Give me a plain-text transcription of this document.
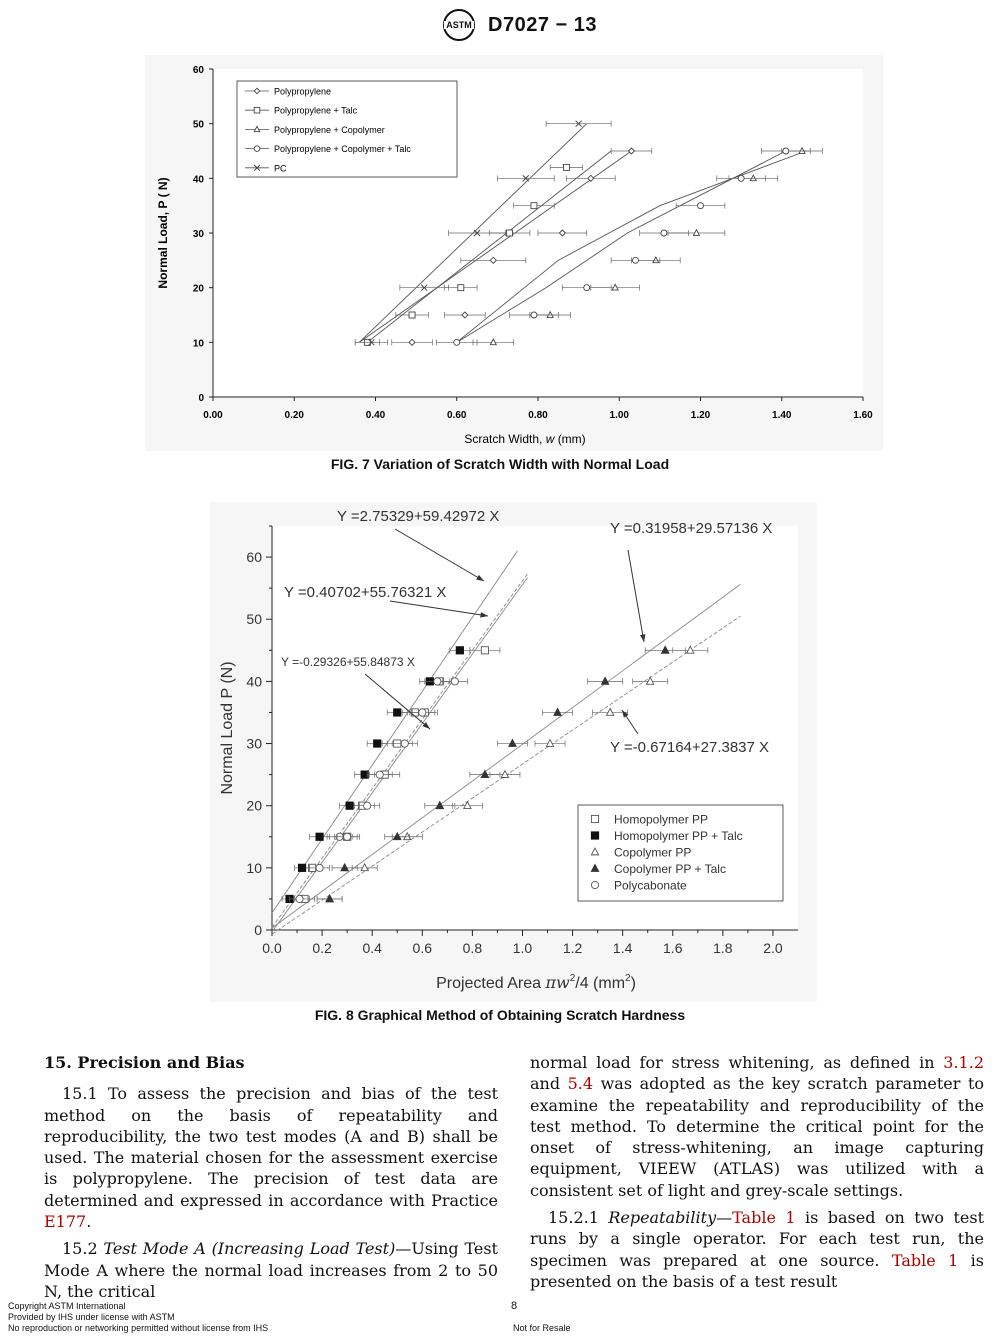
ASTM D7027 − 13
0.00	0.20	0.40	0.60	0.80	1.00	1.20	1.40	1.60
0
10
20
30
40
50
60
Scratch Width, w (mm)
Normal Load, P ( N)
Polypropylene
Polypropylene + Talc
Polypropylene + Copolymer
Polypropylene + Copolymer + Talc
PC
FIG. 7 Variation of Scratch Width with Normal Load
0.0 0.2 0.4 0.6 0.8 1.0 1.2 1.4 1.6 1.8 2.0
0
10
20
30
40
50
60
Projected Area $\pi w^2/4$ $(mm^2)$
Normal Load P (N)
Y =2.75329+59.42972 X
Y =0.40702+55.76321 X
Y =-0.29326+55.84873 X
Y =0.31958+29.57136 X
Y =-0.67164+27.3837 X
Homopolymer PP
Homopolymer PP + Talc
Copolymer PP
Copolymer PP + Talc
Polycabonate
FIG. 8 Graphical Method of Obtaining Scratch Hardness
15. Precision and Bias

15.1 To assess the precision and bias of the test method on the basis of repeatability and reproducibility, the two test modes (A and B) shall be used. The material chosen for the assessment exercise is polypropylene. The precision of test data are determined and expressed in accordance with Practice E177.

15.2 Test Mode A (Increasing Load Test)—Using Test Mode A where the normal load increases from 2 to 50 N, the critical

normal load for stress whitening, as defined in 3.1.2 and 5.4 was adopted as the key scratch parameter to examine the repeatability and reproducibility of the test method. To determine the critical point for the onset of stress-whitening, an image capturing equipment, VIEEW (ATLAS) was utilized with a consistent set of light and grey-scale settings.

15.2.1 Repeatability—Table 1 is based on two test runs by a single operator. For each test run, the specimen was prepared at one source. Table 1 is presented on the basis of a test result

Copyright ASTM International
Provided by IHS under license with ASTM
No reproduction or networking permitted without license from IHS
8
Not for Resale
